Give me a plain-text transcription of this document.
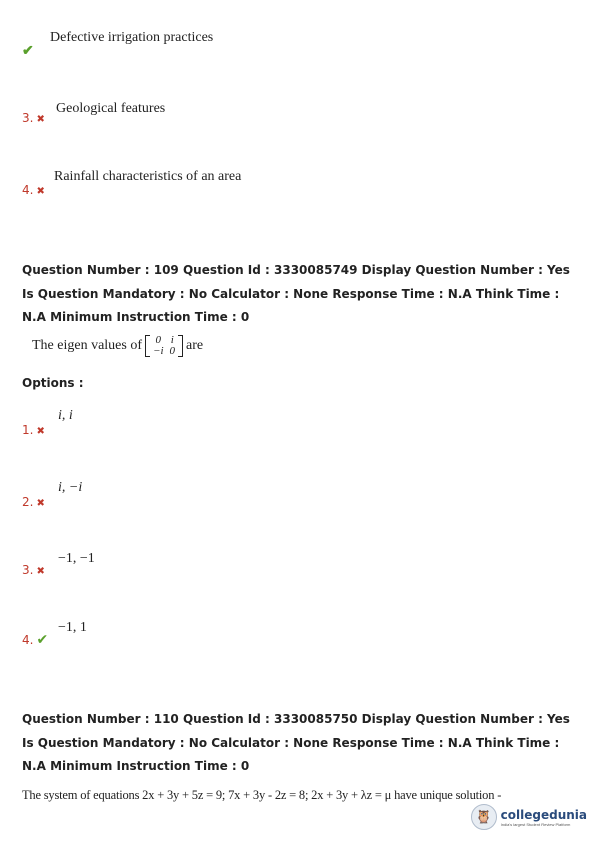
✔
Defective irrigation practices
3. ✖
Geological features
4. ✖
Rainfall characteristics of an area
Question Number : 109 Question Id : 3330085749 Display Question Number : Yes Is Question Mandatory : No Calculator : None Response Time : N.A Think Time : N.A Minimum Instruction Time : 0
The eigen values of 0	i
−i	0 are
Options :
i, i
1. ✖
i, −i
2. ✖
−1, −1
3. ✖
−1, 1
4. ✔
Question Number : 110 Question Id : 3330085750 Display Question Number : Yes Is Question Mandatory : No Calculator : None Response Time : N.A Think Time : N.A Minimum Instruction Time : 0
The system of equations 2x + 3y + 5z = 9; 7x + 3y - 2z = 8; 2x + 3y + λz = μ have unique solution -
🦉 collegedunia
India's largest Student Review Platform
